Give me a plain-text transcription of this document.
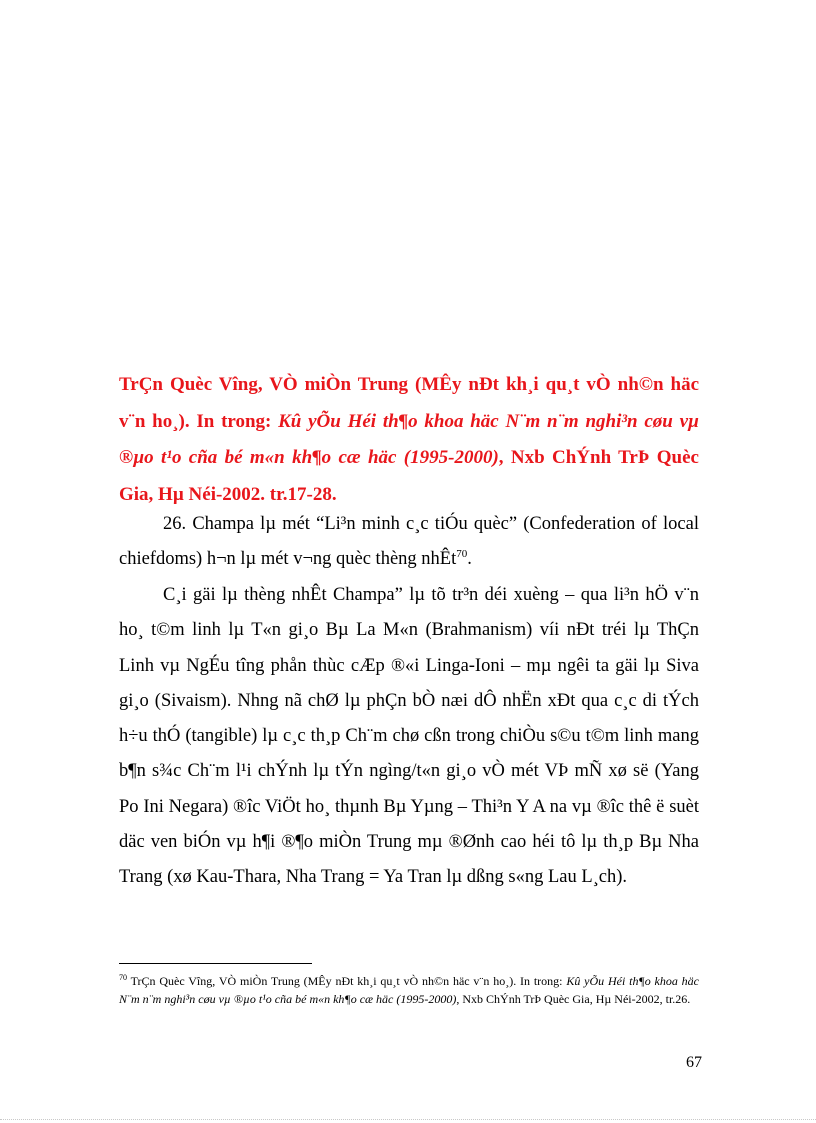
TrÇn Quèc Vîng, VÒ miÒn Trung (MÊy nÐt kh¸i qu¸t vÒ nh©n häc v¨n ho¸). In trong: Kû yÕu Héi th¶o khoa häc N¨m n¨m nghi³n cøu vµ ®µo t¹o cña bé m«n kh¶o cæ häc (1995-2000), Nxb ChÝnh TrÞ Quèc Gia, Hµ Néi-2002. tr.17-28.

26. Champa lµ mét “Li³n minh c¸c tiÓu quèc” (Confederation of local chiefdoms) h¬n lµ mét v¬ng quèc thèng nhÊt$^{70}$.

C¸i gäi lµ thèng nhÊt Champa” lµ tõ tr³n déi xuèng – qua li³n hÖ v¨n ho¸ t©m linh lµ T«n gi¸o Bµ La M«n (Brahmanism) víi nÐt tréi lµ ThÇn Linh vµ NgÉu tîng phån thùc cÆp ®«i Linga-Ioni – mµ ngêi ta gäi lµ Siva gi¸o (Sivaism). Nhng nã chØ lµ phÇn bÒ næi dÔ nhËn xÐt qua c¸c di tÝch h÷u thÓ (tangible) lµ c¸c th¸p Ch¨m chø cßn trong chiÒu s©u t©m linh mang b¶n s¾c Ch¨m l¹i chÝnh lµ tÝn ngìng/t«n gi¸o vÒ mét VÞ mÑ xø së (Yang Po Ini Negara) ®îc ViÖt ho¸ thµnh Bµ Yµng – Thi³n Y A na vµ ®îc thê ë suèt däc ven biÓn vµ h¶i ®¶o miÒn Trung mµ ®Ønh cao héi tô lµ th¸p Bµ Nha Trang (xø Kau-Thara, Nha Trang = Ya Tran lµ dßng s«ng Lau L¸ch).

$^{70}$ TrÇn Quèc Vîng, VÒ miÒn Trung (MÊy nÐt kh¸i qu¸t vÒ nh©n häc v¨n ho¸). In trong: Kû yÕu Héi th¶o khoa häc N¨m n¨m nghi³n cøu vµ ®µo t¹o cña bé m«n kh¶o cæ häc (1995-2000), Nxb ChÝnh TrÞ Quèc Gia, Hµ Néi-2002, tr.26.

67
